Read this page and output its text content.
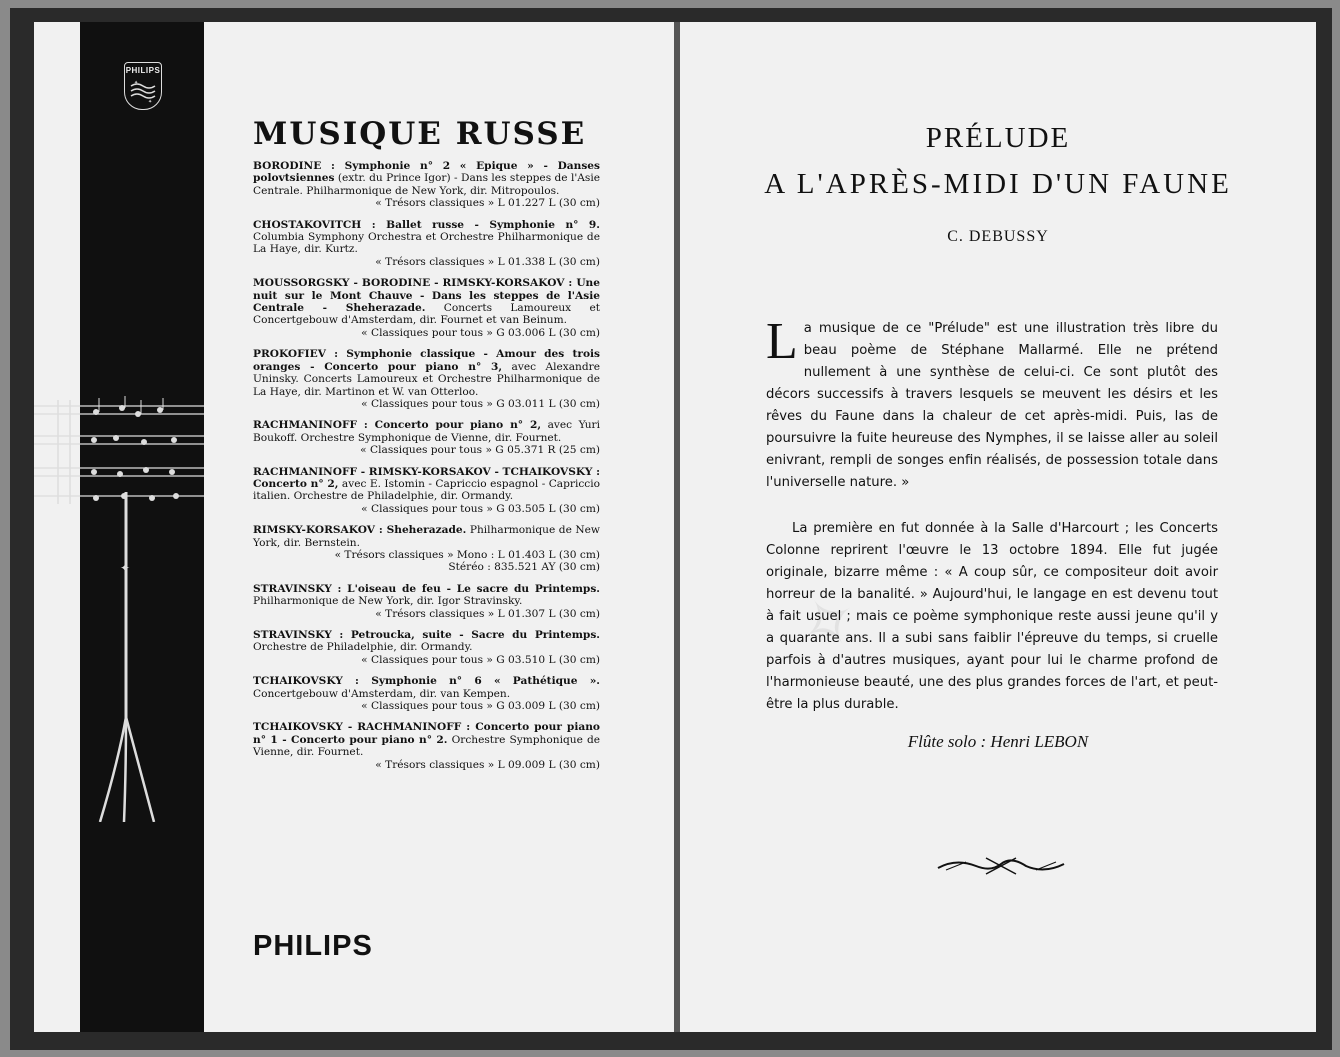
PHILIPS
✦
✦
✦
MUSIQUE RUSSE
BORODINE : Symphonie n° 2 « Epique » - Danses polovtsiennes (extr. du Prince Igor) - Dans les steppes de l'Asie Centrale. Philharmonique de New York, dir. Mitropoulos.
« Trésors classiques » L 01.227 L (30 cm)
CHOSTAKOVITCH : Ballet russe - Symphonie n° 9. Columbia Symphony Orchestra et Orchestre Philharmonique de La Haye, dir. Kurtz.
« Trésors classiques » L 01.338 L (30 cm)
MOUSSORGSKY - BORODINE - RIMSKY-KORSAKOV : Une nuit sur le Mont Chauve - Dans les steppes de l'Asie Centrale - Sheherazade. Concerts Lamoureux et Concertgebouw d'Amsterdam, dir. Fournet et van Beinum.
« Classiques pour tous » G 03.006 L (30 cm)
PROKOFIEV : Symphonie classique - Amour des trois oranges - Concerto pour piano n° 3, avec Alexandre Uninsky. Concerts Lamoureux et Orchestre Philharmonique de La Haye, dir. Martinon et W. van Otterloo.
« Classiques pour tous » G 03.011 L (30 cm)
RACHMANINOFF : Concerto pour piano n° 2, avec Yuri Boukoff. Orchestre Symphonique de Vienne, dir. Fournet.
« Classiques pour tous » G 05.371 R (25 cm)
RACHMANINOFF - RIMSKY-KORSAKOV - TCHAIKOVSKY : Concerto n° 2, avec E. Istomin - Capriccio espagnol - Capriccio italien. Orchestre de Philadelphie, dir. Ormandy.
« Classiques pour tous » G 03.505 L (30 cm)
RIMSKY-KORSAKOV : Sheherazade. Philharmonique de New York, dir. Bernstein.
« Trésors classiques » Mono : L 01.403 L (30 cm)
Stéréo : 835.521 AY (30 cm)
STRAVINSKY : L'oiseau de feu - Le sacre du Printemps. Philharmonique de New York, dir. Igor Stravinsky.
« Trésors classiques » L 01.307 L (30 cm)
STRAVINSKY : Petroucka, suite - Sacre du Printemps. Orchestre de Philadelphie, dir. Ormandy.
« Classiques pour tous » G 03.510 L (30 cm)
TCHAIKOVSKY : Symphonie n° 6 « Pathétique ». Concertgebouw d'Amsterdam, dir. van Kempen.
« Classiques pour tous » G 03.009 L (30 cm)
TCHAIKOVSKY - RACHMANINOFF : Concerto pour piano n° 1 - Concerto pour piano n° 2. Orchestre Symphonique de Vienne, dir. Fournet.
« Trésors classiques » L 09.009 L (30 cm)
PHILIPS
✧
PRÉLUDE
A L'APRÈS-MIDI D'UN FAUNE
C. DEBUSSY
La musique de ce "Prélude" est une illustration très libre du beau poème de Stéphane Mallarmé. Elle ne prétend nullement à une synthèse de celui-ci. Ce sont plutôt des décors successifs à travers lesquels se meuvent les désirs et les rêves du Faune dans la chaleur de cet après-midi. Puis, las de poursuivre la fuite heureuse des Nymphes, il se laisse aller au soleil enivrant, rempli de songes enfin réalisés, de possession totale dans l'universelle nature. »
La première en fut donnée à la Salle d'Harcourt ; les Concerts Colonne reprirent l'œuvre le 13 octobre 1894. Elle fut jugée originale, bizarre même : « A coup sûr, ce compositeur doit avoir horreur de la banalité. » Aujourd'hui, le langage en est devenu tout à fait usuel ; mais ce poème symphonique reste aussi jeune qu'il y a quarante ans. Il a subi sans faiblir l'épreuve du temps, si cruelle parfois à d'autres musiques, ayant pour lui le charme profond de l'harmonieuse beauté, une des plus grandes forces de l'art, et peut-être la plus durable.
Flûte solo : Henri LEBON
